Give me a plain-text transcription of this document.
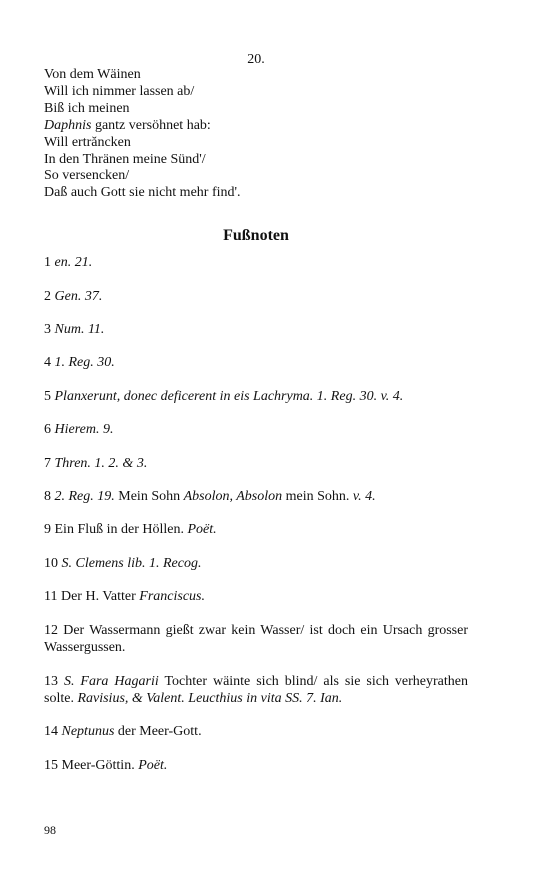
20.
Von dem Wäinen
Will ich nimmer lassen ab/
Biß ich meinen
Daphnis gantz versöhnet hab:
Will ertrăncken
In den Thränen meine Sünd'/
So versencken/
Daß auch Gott sie nicht mehr find'.
Fußnoten
1 en. 21.
2 Gen. 37.
3 Num. 11.
4 1. Reg. 30.
5 Planxerunt, donec deficerent in eis Lachryma. 1. Reg. 30. v. 4.
6 Hierem. 9.
7 Thren. 1. 2. & 3.
8 2. Reg. 19. Mein Sohn Absolon, Absolon mein Sohn. v. 4.
9 Ein Fluß in der Höllen. Poët.
10 S. Clemens lib. 1. Recog.
11 Der H. Vatter Franciscus.
12 Der Wassermann gießt zwar kein Wasser/ ist doch ein Ursach grosser Wassergussen.
13 S. Fara Hagarii Tochter wäinte sich blind/ als sie sich verheyrathen solte. Ravisius, & Valent. Leucthius in vita SS. 7. Ian.
14 Neptunus der Meer-Gott.
15 Meer-Göttin. Poët.
98
